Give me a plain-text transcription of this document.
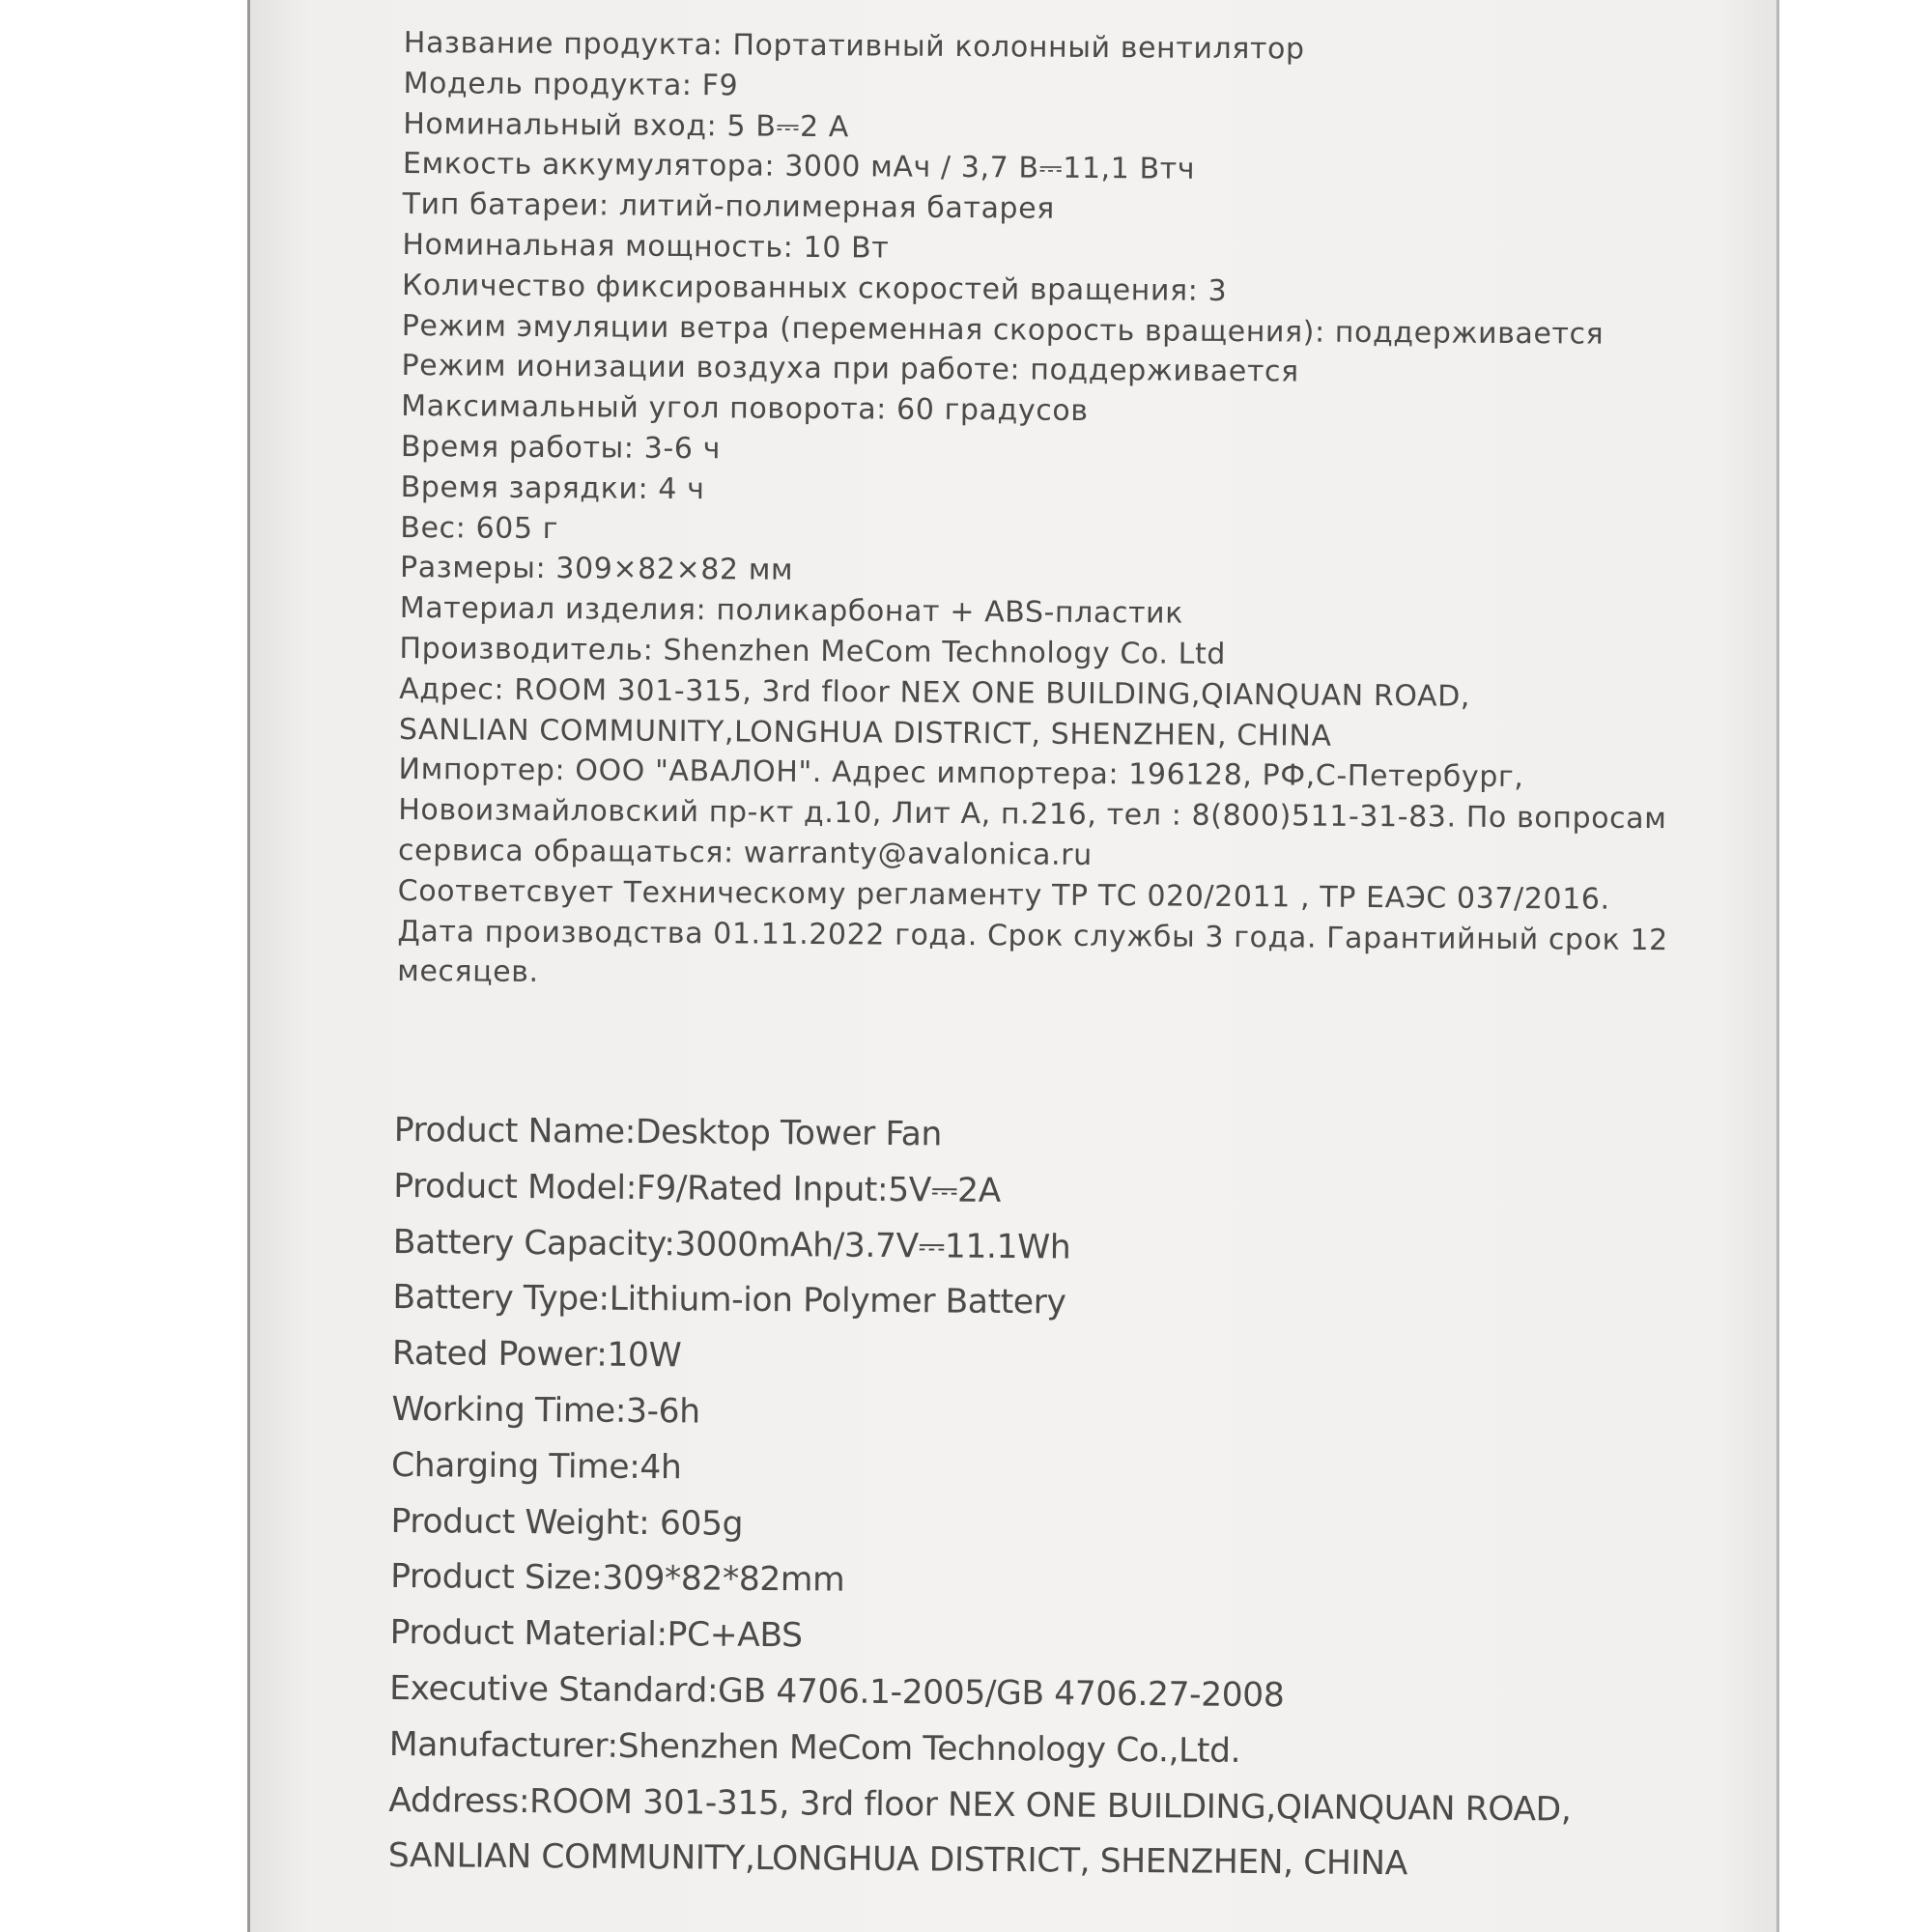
Название продукта: Портативный колонный вентилятор
Модель продукта: F9
Номинальный вход: 5 В⎓2 А
Емкость аккумулятора: 3000 мАч / 3,7 В⎓11,1 Втч
Тип батареи: литий-полимерная батарея
Номинальная мощность: 10 Вт
Количество фиксированных скоростей вращения: 3
Режим эмуляции ветра (переменная скорость вращения): поддерживается
Режим ионизации воздуха при работе: поддерживается
Максимальный угол поворота: 60 градусов
Время работы: 3-6 ч
Время зарядки: 4 ч
Вес: 605 г
Размеры: 309×82×82 мм
Материал изделия: поликарбонат + ABS-пластик
Производитель: Shenzhen MeCom Technology Co. Ltd
Адрес: ROOM 301-315, 3rd floor NEX ONE BUILDING,QIANQUAN ROAD,
SANLIAN COMMUNITY,LONGHUA DISTRICT, SHENZHEN, CHINA
Импортер: ООО "АВАЛОН". Адрес импортера: 196128, РФ,С-Петербург,
Новоизмайловский пр-кт д.10, Лит А, п.216, тел : 8(800)511-31-83. По вопросам
сервиса обращаться: warranty@avalonica.ru
Соответсвует Техническому регламенту ТР ТС 020/2011 , ТР ЕАЭС 037/2016.
Дата производства 01.11.2022 года. Срок службы 3 года. Гарантийный срок 12
месяцев.
Product Name:Desktop Tower Fan
Product Model:F9/Rated Input:5V⎓2A
Battery Capacity:3000mAh/3.7V⎓11.1Wh
Battery Type:Lithium-ion Polymer Battery
Rated Power:10W
Working Time:3-6h
Charging Time:4h
Product Weight: 605g
Product Size:309*82*82mm
Product Material:PC+ABS
Executive Standard:GB 4706.1-2005/GB 4706.27-2008
Manufacturer:Shenzhen MeCom Technology Co.,Ltd.
Address:ROOM 301-315, 3rd floor NEX ONE BUILDING,QIANQUAN ROAD,
SANLIAN COMMUNITY,LONGHUA DISTRICT, SHENZHEN, CHINA
